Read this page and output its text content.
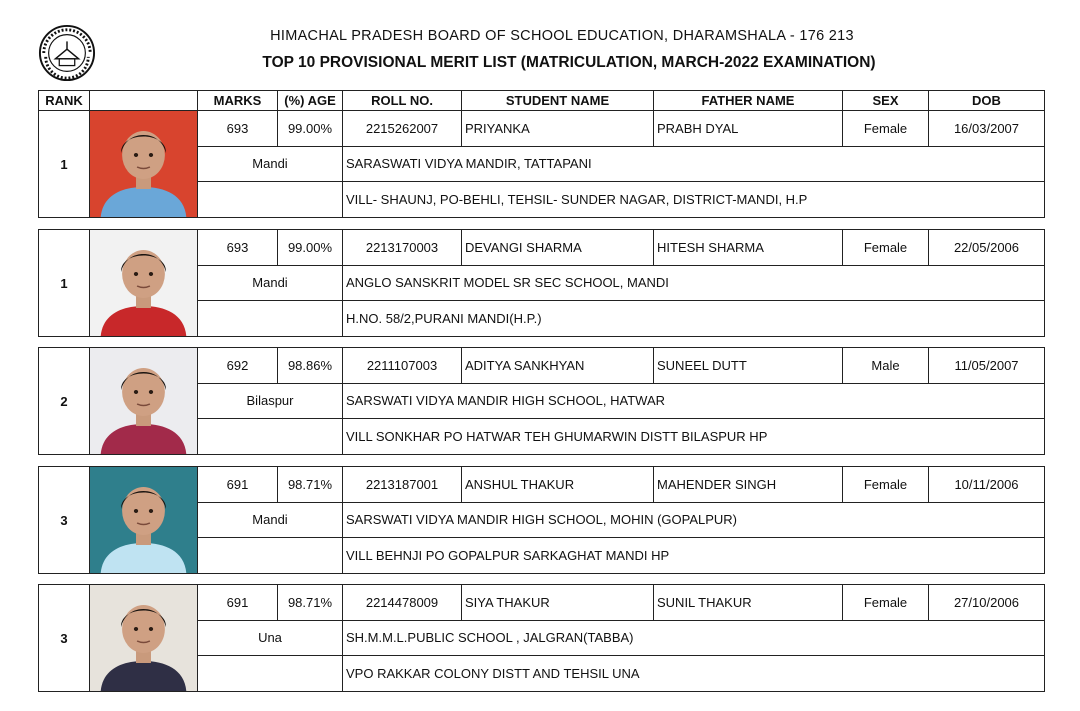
HIMACHAL PRADESH BOARD OF SCHOOL EDUCATION, DHARAMSHALA - 176 213
TOP 10 PROVISIONAL MERIT LIST (MATRICULATION, MARCH-2022 EXAMINATION)
RANK		MARKS	(%) AGE	ROLL NO.	STUDENT NAME	FATHER NAME	SEX	DOB
1		693	99.00%	2215262007	PRIYANKA	PRABH DYAL	Female	16/03/2007
		Mandi		SARASWATI VIDYA MANDIR, TATTAPANI				
				VILL- SHAUNJ, PO-BEHLI, TEHSIL- SUNDER NAGAR, DISTRICT-MANDI, H.P				
1		693	99.00%	2213170003	DEVANGI SHARMA	HITESH SHARMA	Female	22/05/2006
		Mandi		ANGLO SANSKRIT MODEL SR SEC SCHOOL, MANDI				
				H.NO. 58/2,PURANI MANDI(H.P.)				
2		692	98.86%	2211107003	ADITYA SANKHYAN	SUNEEL DUTT	Male	11/05/2007
		Bilaspur		SARSWATI VIDYA MANDIR HIGH SCHOOL, HATWAR				
				VILL SONKHAR PO HATWAR TEH GHUMARWIN DISTT BILASPUR HP				
3		691	98.71%	2213187001	ANSHUL THAKUR	MAHENDER SINGH	Female	10/11/2006
		Mandi		SARSWATI VIDYA MANDIR HIGH SCHOOL, MOHIN (GOPALPUR)				
				VILL BEHNJI PO GOPALPUR SARKAGHAT MANDI HP				
3		691	98.71%	2214478009	SIYA THAKUR	SUNIL THAKUR	Female	27/10/2006
		Una		SH.M.M.L.PUBLIC SCHOOL , JALGRAN(TABBA)				
				VPO RAKKAR COLONY DISTT AND TEHSIL UNA				
